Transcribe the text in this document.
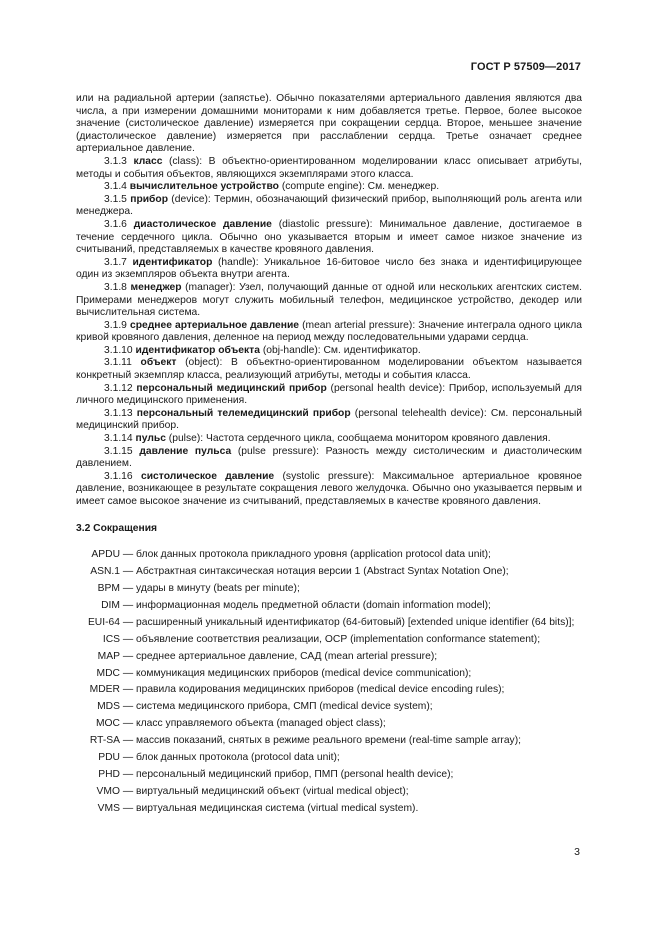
ГОСТ Р 57509—2017

или на радиальной артерии (запястье). Обычно показателями артериального давления являются два числа, а при измерении домашними мониторами к ним добавляется третье. Первое, более высокое значение (систолическое давление) измеряется при сокращении сердца. Второе, меньшее значение (диастолическое давление) измеряется при расслаблении сердца. Третье означает среднее артериальное давление.

3.1.3 класс (class): В объектно-ориентированном моделировании класс описывает атрибуты, методы и события объектов, являющихся экземплярами этого класса.

3.1.4 вычислительное устройство (compute engine): См. менеджер.

3.1.5 прибор (device): Термин, обозначающий физический прибор, выполняющий роль агента или менеджера.

3.1.6 диастолическое давление (diastolic pressure): Минимальное давление, достигаемое в течение сердечного цикла. Обычно оно указывается вторым и имеет самое низкое значение из считываний, представляемых в качестве кровяного давления.

3.1.7 идентификатор (handle): Уникальное 16-битовое число без знака и идентифицирующее один из экземпляров объекта внутри агента.

3.1.8 менеджер (manager): Узел, получающий данные от одной или нескольких агентских систем. Примерами менеджеров могут служить мобильный телефон, медицинское устройство, декодер или вычислительная система.

3.1.9 среднее артериальное давление (mean arterial pressure): Значение интеграла одного цикла кривой кровяного давления, деленное на период между последовательными ударами сердца.

3.1.10 идентификатор объекта (obj-handle): См. идентификатор.

3.1.11 объект (object): В объектно-ориентированном моделировании объектом называется конкретный экземпляр класса, реализующий атрибуты, методы и события класса.

3.1.12 персональный медицинский прибор (personal health device): Прибор, используемый для личного медицинского применения.

3.1.13 персональный телемедицинский прибор (personal telehealth device): См. персональный медицинский прибор.

3.1.14 пульс (pulse): Частота сердечного цикла, сообщаема монитором кровяного давления.

3.1.15 давление пульса (pulse pressure): Разность между систолическим и диастолическим давлением.

3.1.16 систолическое давление (systolic pressure): Максимальное артериальное кровяное давление, возникающее в результате сокращения левого желудочка. Обычно оно указывается первым и имеет самое высокое значение из считываний, представляемых в качестве кровяного давления.

3.2 Сокращения
APDU — блок данных протокола прикладного уровня (application protocol data unit);
ASN.1 — Абстрактная синтаксическая нотация версии 1 (Abstract Syntax Notation One);
BPM — удары в минуту (beats per minute);
DIM — информационная модель предметной области (domain information model);
EUI-64 — расширенный уникальный идентификатор (64-битовый) [extended unique identifier (64 bits)];
ICS — объявление соответствия реализации, ОСР (implementation conformance statement);
MAP — среднее артериальное давление, САД (mean arterial pressure);
MDC — коммуникация медицинских приборов (medical device communication);
MDER — правила кодирования медицинских приборов (medical device encoding rules);
MDS — система медицинского прибора, СМП (medical device system);
MOC — класс управляемого объекта (managed object class);
RT-SA — массив показаний, снятых в режиме реального времени (real-time sample array);
PDU — блок данных протокола (protocol data unit);
PHD — персональный медицинский прибор, ПМП (personal health device);
VMO — виртуальный медицинский объект (virtual medical object);
VMS — виртуальная медицинская система (virtual medical system).
3
